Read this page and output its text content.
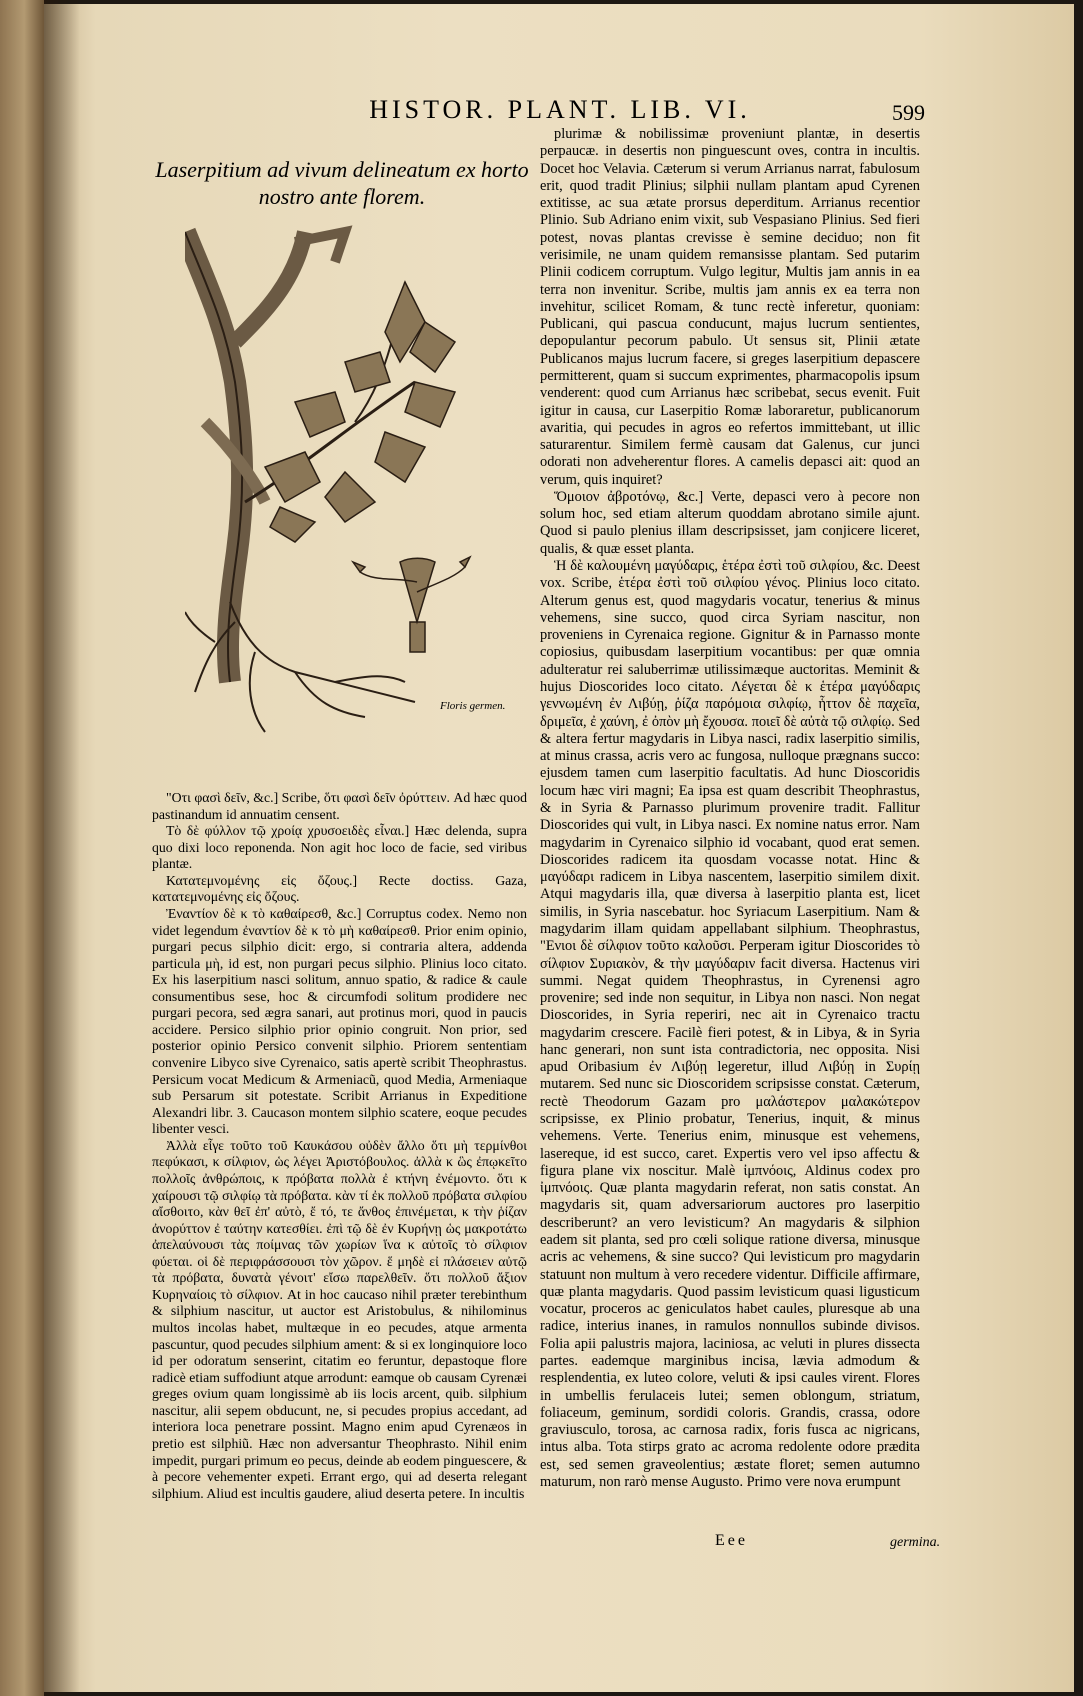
HISTOR. PLANT. LIB. VI.	599
Laserpitium ad vivum delineatum ex horto nostro ante florem.
Floris germen.

"Οτι φασὶ δεῖν, &c.] Scribe, ὅτι φασὶ δεῖν ὀρύττειν. Ad hæc quod pastinandum id annuatim censent.

Τὸ δὲ φύλλον τῷ χροίᾳ χρυσοειδὲς εἶναι.] Hæc delenda, supra quo dixi loco reponenda. Non agit hoc loco de facie, sed viribus plantæ.

Κατατεμνομένης εἰς ὄζους.] Recte doctiss. Gaza, κατατεμνομένης εἰς ὄζους.

Ἐναντίον δὲ κ τὸ καθαίρεσθ, &c.] Corruptus codex. Nemo non videt legendum ἐναντίον δὲ κ τὸ μὴ καθαίρεσθ. Prior enim opinio, purgari pecus silphio dicit: ergo, si contraria altera, addenda particula μὴ, id est, non purgari pecus silphio. Plinius loco citato. Ex his laserpitium nasci solitum, annuo spatio, & radice & caule consumentibus sese, hoc & circumfodi solitum prodidere nec purgari pecora, sed ægra sanari, aut protinus mori, quod in paucis accidere. Persico silphio prior opinio congruit. Non prior, sed posterior opinio Persico convenit silphio. Priorem sententiam convenire Libyco sive Cyrenaico, satis apertè scribit Theophrastus. Persicum vocat Medicum & Armeniacũ, quod Media, Armeniaque sub Persarum sit potestate. Scribit Arrianus in Expeditione Alexandri libr. 3. Caucason montem silphio scatere, eoque pecudes libenter vesci.

Ἀλλὰ εἶγε τοῦτο τοῦ Καυκάσου οὐδὲν ἄλλο ὅτι μὴ τερμίνθοι πεφύκασι, κ σίλφιον, ὡς λέγει Ἀριστόβουλος. ἀλλὰ κ ὣς ἐπῳκεῖτο πολλοῖς ἀνθρώποις, κ πρόβατα πολλὰ ἐ κτήνη ἐνέμοντο. ὅτι κ χαίρουσι τῷ σιλφίῳ τὰ πρόβατα. κὰν τί ἐκ πολλοῦ πρόβατα σιλφίου αἴσθοιτο, κὰν θεῖ ἐπ' αὐτὸ, ἔ τό, τε ἄνθος ἐπινέμεται, κ τὴν ῥίζαν ἀνορύττον ἐ ταύτην κατεσθίει. ἐπὶ τῷ δὲ ἐν Κυρήνῃ ὡς μακροτάτω ἀπελαύνουσι τὰς ποίμνας τῶν χωρίων ἵνα κ αὐτοῖς τὸ σίλφιον φύεται. οἱ δὲ περιφράσσουσι τὸν χῶρον. ἕ μηδὲ εἰ πλάσειεν αὐτῷ τὰ πρόβατα, δυνατὰ γένοιτ' εἴσω παρελθεῖν. ὅτι πολλοῦ ἄξιον Κυρηναίοις τὸ σίλφιον. At in hoc caucaso nihil præter terebinthum & silphium nascitur, ut auctor est Aristobulus, & nihilominus multos incolas habet, multæque in eo pecudes, atque armenta pascuntur, quod pecudes silphium ament: & si ex longinquiore loco id per odoratum senserint, citatim eo feruntur, depastoque flore radicè etiam suffodiunt atque arrodunt: eamque ob causam Cyrenæi greges ovium quam longissimè ab iis locis arcent, quib. silphium nascitur, alii sepem obducunt, ne, si pecudes propius accedant, ad interiora loca penetrare possint. Magno enim apud Cyrenæos in pretio est silphiũ. Hæc non adversantur Theophrasto. Nihil enim impedit, purgari primum eo pecus, deinde ab eodem pinguescere, & à pecore vehementer expeti. Errant ergo, qui ad deserta relegant silphium. Aliud est incultis gaudere, aliud deserta petere. In incultis

plurimæ & nobilissimæ proveniunt plantæ, in desertis perpaucæ. in desertis non pinguescunt oves, contra in incultis. Docet hoc Velavia. Cæterum si verum Arrianus narrat, fabulosum erit, quod tradit Plinius; silphii nullam plantam apud Cyrenen extitisse, ac sua ætate prorsus deperditum. Arrianus recentior Plinio. Sub Adriano enim vixit, sub Vespasiano Plinius. Sed fieri potest, novas plantas crevisse è semine deciduo; non fit verisimile, ne unam quidem remansisse plantam. Sed putarim Plinii codicem corruptum. Vulgo legitur, Multis jam annis in ea terra non invenitur. Scribe, multis jam annis ex ea terra non invehitur, scilicet Romam, & tunc rectè inferetur, quoniam: Publicani, qui pascua conducunt, majus lucrum sentientes, depopulantur pecorum pabulo. Ut sensus sit, Plinii ætate Publicanos majus lucrum facere, si greges laserpitium depascere permitterent, quam si succum exprimentes, pharmacopolis ipsum venderent: quod cum Arrianus hæc scribebat, secus evenit. Fuit igitur in causa, cur Laserpitio Romæ laboraretur, publicanorum avaritia, qui pecudes in agros eo refertos immittebant, ut illic saturarentur. Similem fermè causam dat Galenus, cur junci odorati non adveherentur flores. A camelis depasci ait: quod an verum, quis inquiret?

Ὅμοιον ἀβροτόνῳ, &c.] Verte, depasci vero à pecore non solum hoc, sed etiam alterum quoddam abrotano simile ajunt. Quod si paulo plenius illam descripsisset, jam conjicere liceret, qualis, & quæ esset planta.

Ἡ δὲ καλουμένη μαγύδαρις, ἑτέρα ἐστὶ τοῦ σιλφίου, &c. Deest vox. Scribe, ἑτέρα ἐστὶ τοῦ σιλφίου γένος. Plinius loco citato. Alterum genus est, quod magydaris vocatur, tenerius & minus vehemens, sine succo, quod circa Syriam nascitur, non proveniens in Cyrenaica regione. Gignitur & in Parnasso monte copiosius, quibusdam laserpitium vocantibus: per quæ omnia adulteratur rei saluberrimæ utilissimæque auctoritas. Meminit & hujus Dioscorides loco citato. Λέγεται δὲ κ ἑτέρα μαγύδαρις γεννωμένη ἐν Λιβύῃ, ῥίζα παρόμοια σιλφίῳ, ἧττον δὲ παχεῖα, δριμεῖα, ἐ χαύνη, ἐ ὀπὸν μὴ ἔχουσα. ποιεῖ δὲ αὐτὰ τῷ σιλφίῳ. Sed & altera fertur magydaris in Libya nasci, radix laserpitio similis, at minus crassa, acris vero ac fungosa, nulloque prægnans succo: ejusdem tamen cum laserpitio facultatis. Ad hunc Dioscoridis locum hæc viri magni; Ea ipsa est quam describit Theophrastus, & in Syria & Parnasso plurimum provenire tradit. Fallitur Dioscorides qui vult, in Libya nasci. Ex nomine natus error. Nam magydarim in Cyrenaico silphio id vocabant, quod erat semen. Dioscorides radicem ita quosdam vocasse notat. Hinc & μαγύδαρι radicem in Libya nascentem, laserpitio similem dixit. Atqui magydaris illa, quæ diversa à laserpitio planta est, licet similis, in Syria nascebatur. hoc Syriacum Laserpitium. Nam & magydarim illam quidam appellabant silphium. Theophrastus, "Ενιοι δὲ σίλφιον τοῦτο καλοῦσι. Perperam igitur Dioscorides τὸ σίλφιον Συριακὸν, & τὴν μαγύδαριν facit diversa. Hactenus viri summi. Negat quidem Theophrastus, in Cyrenensi agro provenire; sed inde non sequitur, in Libya non nasci. Non negat Dioscorides, in Syria reperiri, nec ait in Cyrenaico tractu magydarim crescere. Facilè fieri potest, & in Libya, & in Syria hanc generari, non sunt ista contradictoria, nec opposita. Nisi apud Oribasium ἐν Λιβύῃ legeretur, illud Λιβύῃ in Συρίῃ mutarem. Sed nunc sic Dioscoridem scripsisse constat. Cæterum, rectè Theodorum Gazam pro μαλάστερον μαλακώτερον scripsisse, ex Plinio probatur, Tenerius, inquit, & minus vehemens. Verte. Tenerius enim, minusque est vehemens, lasereque, id est succo, caret. Expertis vero vel ipso affectu & figura plane vix noscitur. Malè ἰμπνόοις, Aldinus codex pro ἰμπνόοις. Quæ planta magydarin referat, non satis constat. An magydaris sit, quam adversariorum auctores pro laserpitio describerunt? an vero levisticum? An magydaris & silphion eadem sit planta, sed pro cœli solique ratione diversa, minusque acris ac vehemens, & sine succo? Qui levisticum pro magydarin statuunt non multum à vero recedere videntur. Difficile affirmare, quæ planta magydaris. Quod passim levisticum quasi ligusticum vocatur, proceros ac geniculatos habet caules, pluresque ab una radice, interius inanes, in ramulos nonnullos subinde divisos. Folia apii palustris majora, laciniosa, ac veluti in plures dissecta partes. eademque marginibus incisa, lævia admodum & resplendentia, ex luteo colore, veluti & ipsi caules virent. Flores in umbellis ferulaceis lutei; semen oblongum, striatum, foliaceum, geminum, sordidi coloris. Grandis, crassa, odore graviusculo, torosa, ac carnosa radix, foris fusca ac nigricans, intus alba. Tota stirps grato ac acroma redolente odore prædita est, sed semen graveolentius; æstate floret; semen autumno maturum, non rarò mense Augusto. Primo vere nova erumpunt

Eee	germina.
